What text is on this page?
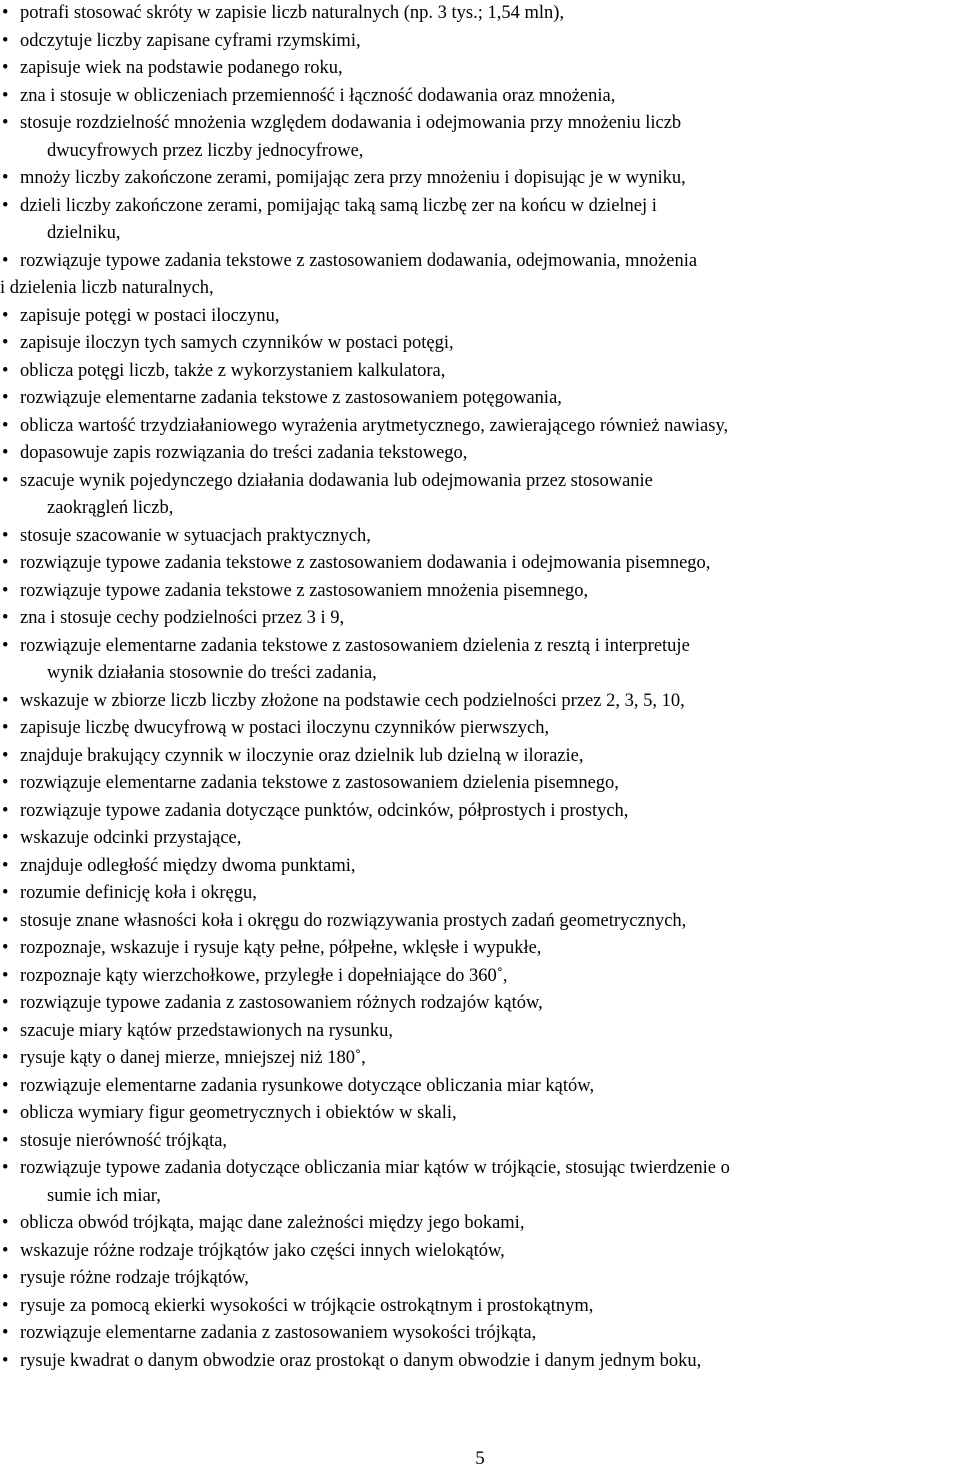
• potrafi stosować skróty w zapisie liczb naturalnych (np. 3 tys.; 1,54 mln),
• odczytuje liczby zapisane cyframi rzymskimi,
• zapisuje wiek na podstawie podanego roku,
• zna i stosuje w obliczeniach przemienność i łączność dodawania oraz mnożenia,
• stosuje rozdzielność mnożenia względem dodawania i odejmowania przy mnożeniu liczb
dwucyfrowych przez liczby jednocyfrowe,
• mnoży liczby zakończone zerami, pomijając zera przy mnożeniu i dopisując je w wyniku,
• dzieli liczby zakończone zerami, pomijając taką samą liczbę zer na końcu w dzielnej i
dzielniku,
• rozwiązuje typowe zadania tekstowe z zastosowaniem dodawania, odejmowania, mnożenia
i dzielenia liczb naturalnych,
• zapisuje potęgi w postaci iloczynu,
• zapisuje iloczyn tych samych czynników w postaci potęgi,
• oblicza potęgi liczb, także z wykorzystaniem kalkulatora,
• rozwiązuje elementarne zadania tekstowe z zastosowaniem potęgowania,
• oblicza wartość trzydziałaniowego wyrażenia arytmetycznego, zawierającego również nawiasy,
• dopasowuje zapis rozwiązania do treści zadania tekstowego,
• szacuje wynik pojedynczego działania dodawania lub odejmowania przez stosowanie
zaokrągleń liczb,
• stosuje szacowanie w sytuacjach praktycznych,
• rozwiązuje typowe zadania tekstowe z zastosowaniem dodawania i odejmowania pisemnego,
• rozwiązuje typowe zadania tekstowe z zastosowaniem mnożenia pisemnego,
• zna i stosuje cechy podzielności przez 3 i 9,
• rozwiązuje elementarne zadania tekstowe z zastosowaniem dzielenia z resztą i interpretuje
wynik działania stosownie do treści zadania,
• wskazuje w zbiorze liczb liczby złożone na podstawie cech podzielności przez 2, 3, 5, 10,
• zapisuje liczbę dwucyfrową w postaci iloczynu czynników pierwszych,
• znajduje brakujący czynnik w iloczynie oraz dzielnik lub dzielną w ilorazie,
• rozwiązuje elementarne zadania tekstowe z zastosowaniem dzielenia pisemnego,
• rozwiązuje typowe zadania dotyczące punktów, odcinków, półprostych i prostych,
• wskazuje odcinki przystające,
• znajduje odległość między dwoma punktami,
• rozumie definicję koła i okręgu,
• stosuje znane własności koła i okręgu do rozwiązywania prostych zadań geometrycznych,
• rozpoznaje, wskazuje i rysuje kąty pełne, półpełne, wklęsłe i wypukłe,
• rozpoznaje kąty wierzchołkowe, przyległe i dopełniające do 360˚,
• rozwiązuje typowe zadania z zastosowaniem różnych rodzajów kątów,
• szacuje miary kątów przedstawionych na rysunku,
• rysuje kąty o danej mierze, mniejszej niż 180˚,
• rozwiązuje elementarne zadania rysunkowe dotyczące obliczania miar kątów,
• oblicza wymiary figur geometrycznych i obiektów w skali,
• stosuje nierówność trójkąta,
• rozwiązuje typowe zadania dotyczące obliczania miar kątów w trójkącie, stosując twierdzenie o
sumie ich miar,
• oblicza obwód trójkąta, mając dane zależności między jego bokami,
• wskazuje różne rodzaje trójkątów jako części innych wielokątów,
• rysuje różne rodzaje trójkątów,
• rysuje za pomocą ekierki wysokości w trójkącie ostrokątnym i prostokątnym,
• rozwiązuje elementarne zadania z zastosowaniem wysokości trójkąta,
• rysuje kwadrat o danym obwodzie oraz prostokąt o danym obwodzie i danym jednym boku,
5
